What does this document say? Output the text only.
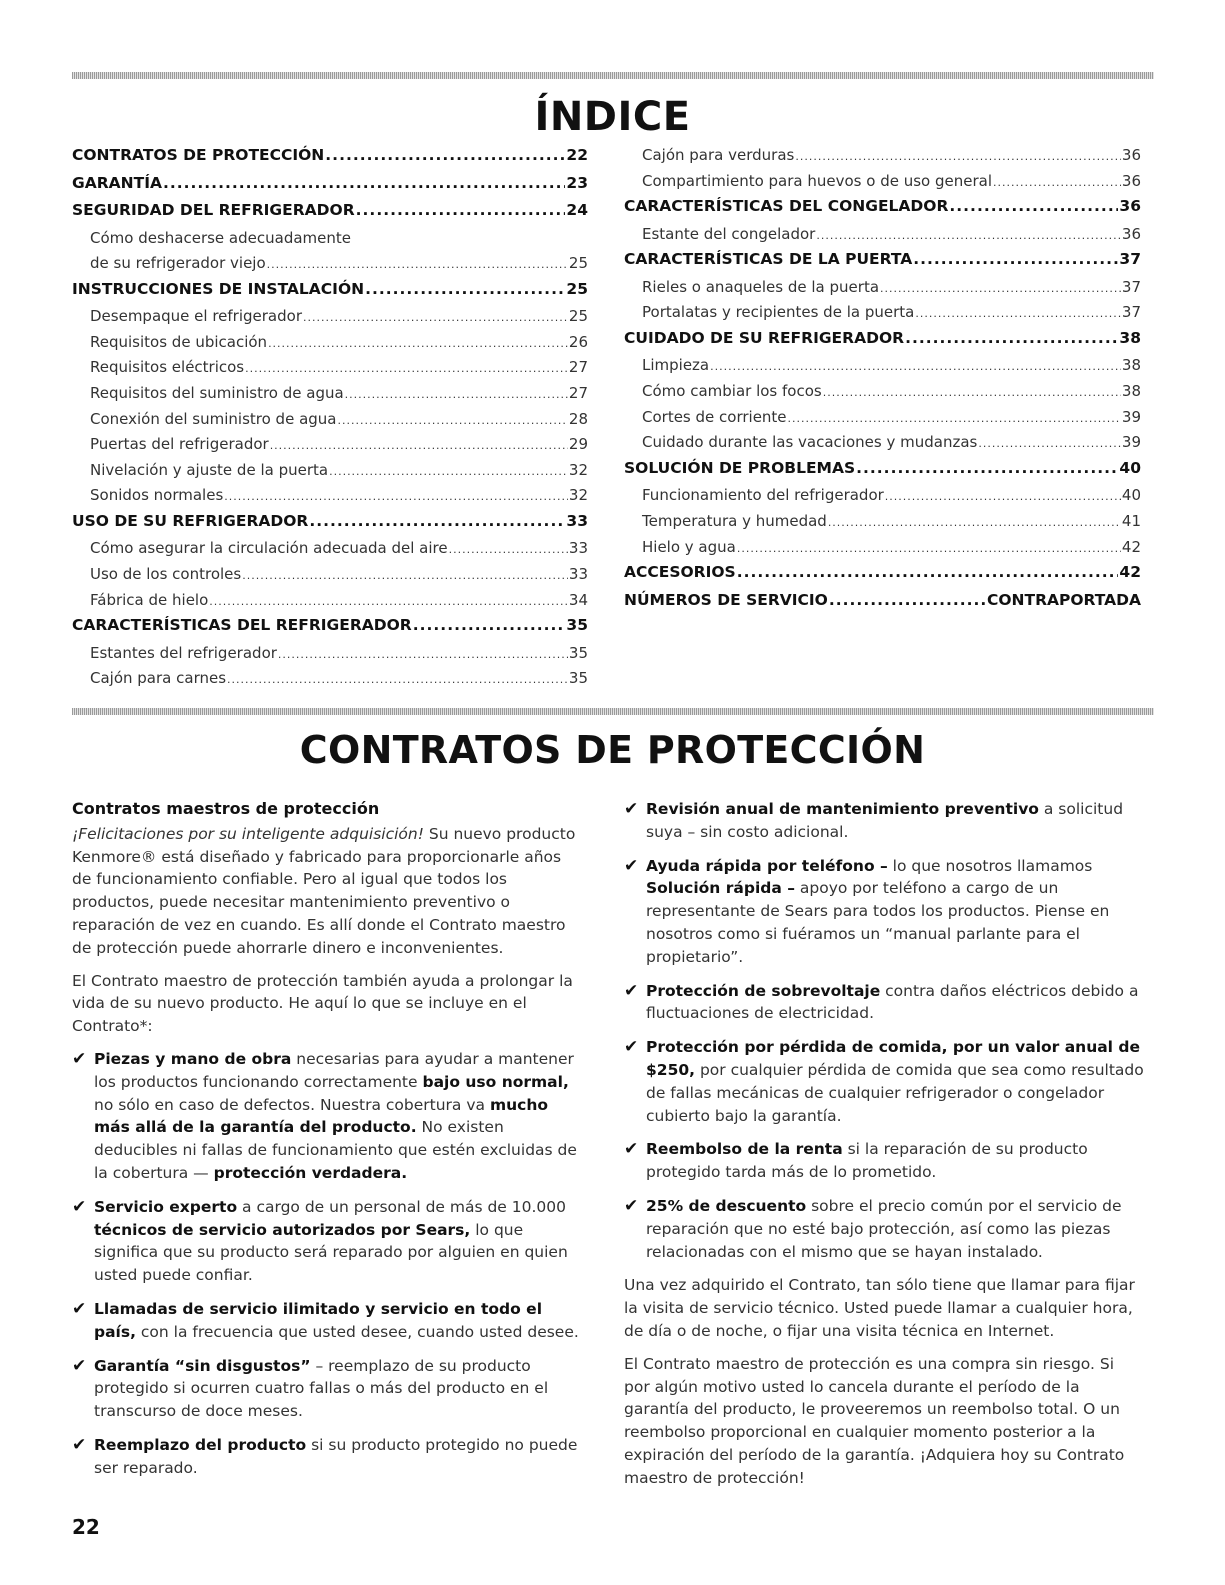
ÍNDICE
CONTRATOS DE PROTECCIÓN .....	22
GARANTÍA .....	23
SEGURIDAD DEL REFRIGERADOR .....	24
Cómo deshacerse adecuadamente
de su refrigerador viejo .....	25
INSTRUCCIONES DE INSTALACIÓN .....	25
Desempaque el refrigerador .....	25
Requisitos de ubicación .....	26
Requisitos eléctricos .....	27
Requisitos del suministro de agua .....	27
Conexión del suministro de agua .....	28
Puertas del refrigerador .....	29
Nivelación y ajuste de la puerta .....	32
Sonidos normales .....	32
USO DE SU REFRIGERADOR .....	33
Cómo asegurar la circulación adecuada del aire .....	33
Uso de los controles .....	33
Fábrica de hielo .....	34
CARACTERÍSTICAS DEL REFRIGERADOR .....	35
Estantes del refrigerador .....	35
Cajón para carnes .....	35
Cajón para verduras .....	36
Compartimiento para huevos o de uso general .....	36
CARACTERÍSTICAS DEL CONGELADOR .....	36
Estante del congelador .....	36
CARACTERÍSTICAS DE LA PUERTA .....	37
Rieles o anaqueles de la puerta .....	37
Portalatas y recipientes de la puerta .....	37
CUIDADO DE SU REFRIGERADOR .....	38
Limpieza .....	38
Cómo cambiar los focos .....	38
Cortes de corriente .....	39
Cuidado durante las vacaciones y mudanzas .....	39
SOLUCIÓN DE PROBLEMAS .....	40
Funcionamiento del refrigerador .....	40
Temperatura y humedad .....	41
Hielo y agua .....	42
ACCESORIOS .....	42
NÚMEROS DE SERVICIO .....	CONTRAPORTADA
CONTRATOS DE PROTECCIÓN
Contratos maestros de protección

¡Felicitaciones por su inteligente adquisición! Su nuevo producto Kenmore® está diseñado y fabricado para proporcionarle años de funcionamiento confiable. Pero al igual que todos los productos, puede necesitar mantenimiento preventivo o reparación de vez en cuando. Es allí donde el Contrato maestro de protección puede ahorrarle dinero e inconvenientes.

El Contrato maestro de protección también ayuda a prolongar la vida de su nuevo producto. He aquí lo que se incluye en el Contrato*:

✔ Piezas y mano de obra necesarias para ayudar a mantener los productos funcionando correctamente bajo uso normal, no sólo en caso de defectos. Nuestra cobertura va mucho más allá de la garantía del producto. No existen deducibles ni fallas de funcionamiento que estén excluidas de la cobertura — protección verdadera.
✔ Servicio experto a cargo de un personal de más de 10.000 técnicos de servicio autorizados por Sears, lo que significa que su producto será reparado por alguien en quien usted puede confiar.
✔ Llamadas de servicio ilimitado y servicio en todo el país, con la frecuencia que usted desee, cuando usted desee.
✔ Garantía “sin disgustos” – reemplazo de su producto protegido si ocurren cuatro fallas o más del producto en el transcurso de doce meses.
✔ Reemplazo del producto si su producto protegido no puede ser reparado.
✔ Revisión anual de mantenimiento preventivo a solicitud suya – sin costo adicional.
✔ Ayuda rápida por teléfono – lo que nosotros llamamos Solución rápida – apoyo por teléfono a cargo de un representante de Sears para todos los productos. Piense en nosotros como si fuéramos un “manual parlante para el propietario”.
✔ Protección de sobrevoltaje contra daños eléctricos debido a fluctuaciones de electricidad.
✔ Protección por pérdida de comida, por un valor anual de $250, por cualquier pérdida de comida que sea como resultado de fallas mecánicas de cualquier refrigerador o congelador cubierto bajo la garantía.
✔ Reembolso de la renta si la reparación de su producto protegido tarda más de lo prometido.
✔ 25% de descuento sobre el precio común por el servicio de reparación que no esté bajo protección, así como las piezas relacionadas con el mismo que se hayan instalado.

Una vez adquirido el Contrato, tan sólo tiene que llamar para fijar la visita de servicio técnico. Usted puede llamar a cualquier hora, de día o de noche, o fijar una visita técnica en Internet.

El Contrato maestro de protección es una compra sin riesgo. Si por algún motivo usted lo cancela durante el período de la garantía del producto, le proveeremos un reembolso total. O un reembolso proporcional en cualquier momento posterior a la expiración del período de la garantía. ¡Adquiera hoy su Contrato maestro de protección!

22
